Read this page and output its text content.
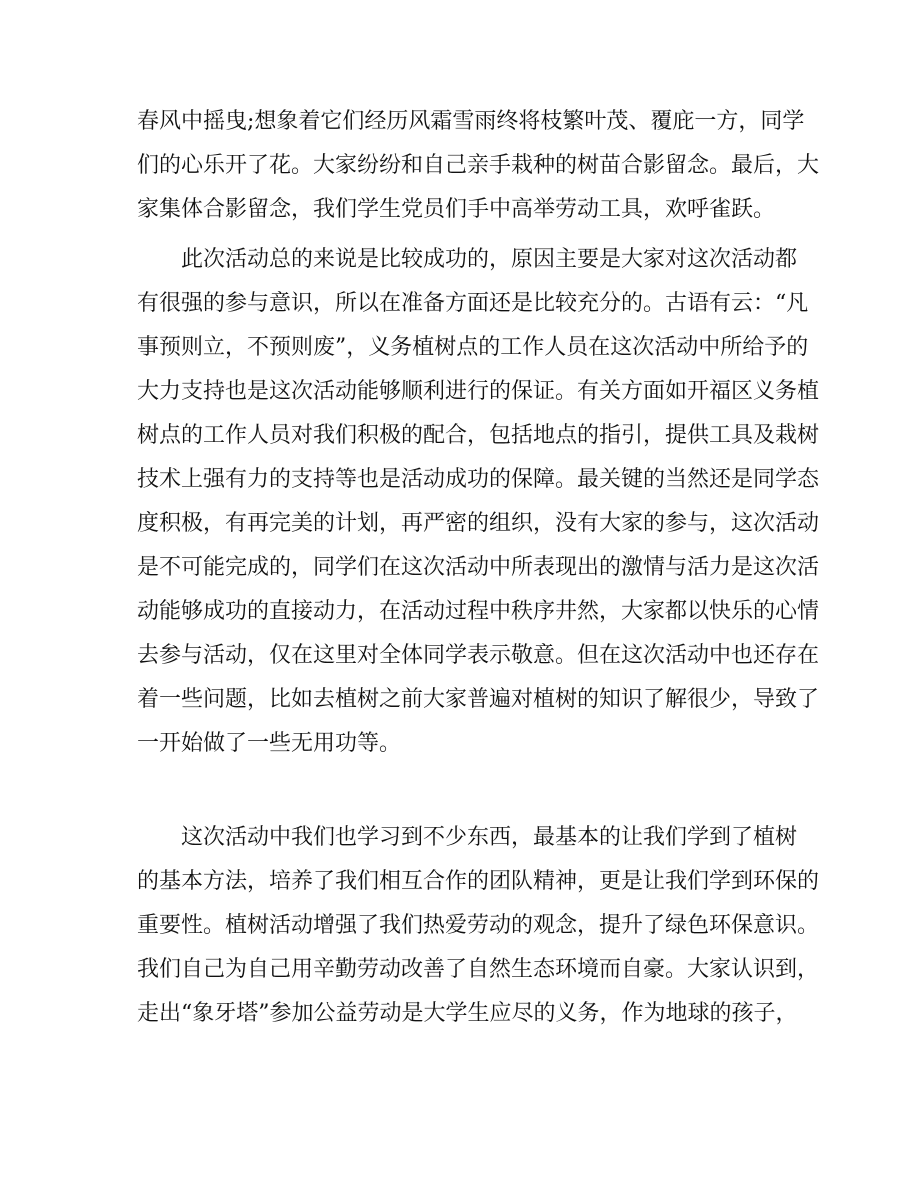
春风中摇曳;想象着它们经历风霜雪雨终将枝繁叶茂、覆庇一方，同学
们的心乐开了花。大家纷纷和自己亲手栽种的树苗合影留念。最后，大
家集体合影留念，我们学生党员们手中高举劳动工具，欢呼雀跃。
此次活动总的来说是比较成功的，原因主要是大家对这次活动都
有很强的参与意识，所以在准备方面还是比较充分的。古语有云：“凡
事预则立，不预则废”，义务植树点的工作人员在这次活动中所给予的
大力支持也是这次活动能够顺利进行的保证。有关方面如开福区义务植
树点的工作人员对我们积极的配合，包括地点的指引，提供工具及栽树
技术上强有力的支持等也是活动成功的保障。最关键的当然还是同学态
度积极，有再完美的计划，再严密的组织，没有大家的参与，这次活动
是不可能完成的，同学们在这次活动中所表现出的激情与活力是这次活
动能够成功的直接动力，在活动过程中秩序井然，大家都以快乐的心情
去参与活动，仅在这里对全体同学表示敬意。但在这次活动中也还存在
着一些问题，比如去植树之前大家普遍对植树的知识了解很少，导致了
一开始做了一些无用功等。
这次活动中我们也学习到不少东西，最基本的让我们学到了植树
的基本方法，培养了我们相互合作的团队精神，更是让我们学到环保的
重要性。植树活动增强了我们热爱劳动的观念，提升了绿色环保意识。
我们自己为自己用辛勤劳动改善了自然生态环境而自豪。大家认识到，
走出“象牙塔”参加公益劳动是大学生应尽的义务，作为地球的孩子，
